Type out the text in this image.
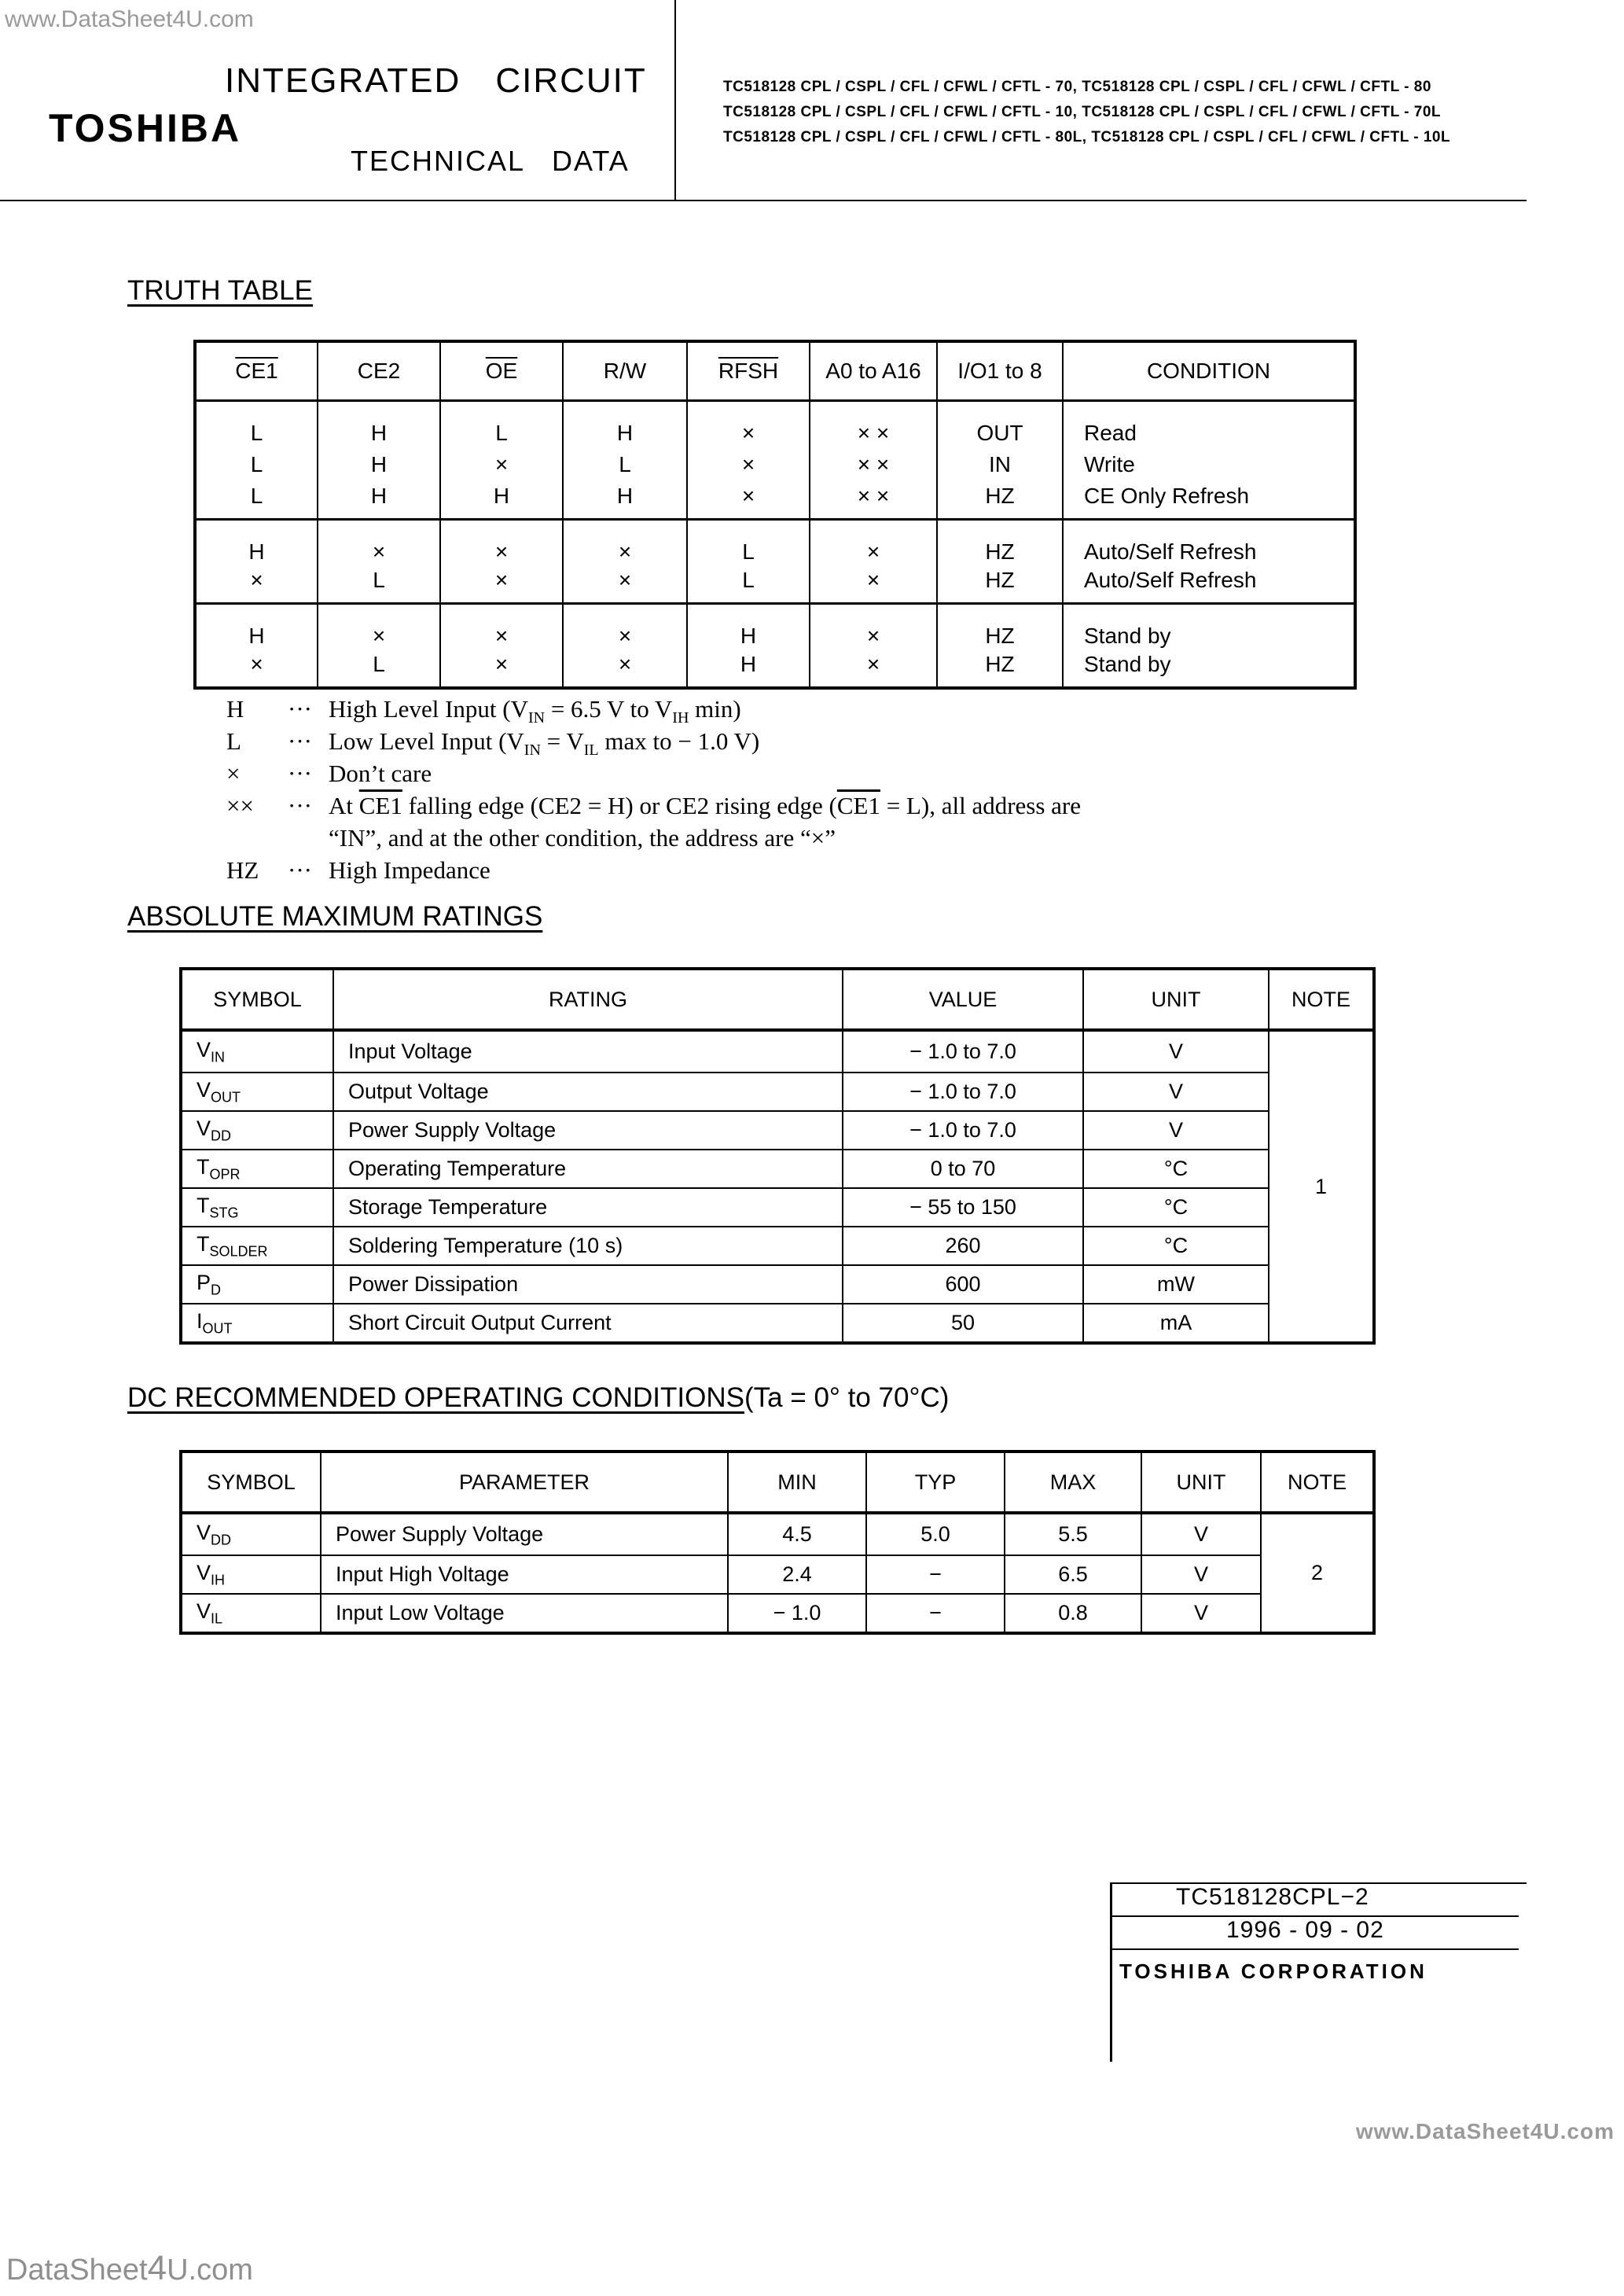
www.DataSheet4U.com
www.DataSheet4U.com
DataSheet4U.com
INTEGRATED CIRCUIT
TOSHIBA
TECHNICAL DATA
TC518128 CPL / CSPL / CFL / CFWL / CFTL - 70, TC518128 CPL / CSPL / CFL / CFWL / CFTL - 80
TC518128 CPL / CSPL / CFL / CFWL / CFTL - 10, TC518128 CPL / CSPL / CFL / CFWL / CFTL - 70L
TC518128 CPL / CSPL / CFL / CFWL / CFTL - 80L, TC518128 CPL / CSPL / CFL / CFWL / CFTL - 10L
TRUTH TABLE
CE1	CE2	$\overline{OE}$	R/W	RFSH	A0 to A16	I/O1 to 8	CONDITION
L	H	L	H	×	× ×	OUT	Read
L	H	×	L	×	× ×	IN	Write
L	H	H	H	×	× ×	HZ	CE Only Refresh
H	×	×	×	L	×	HZ	Auto/Self Refresh
×	L	×	×	L	×	HZ	Auto/Self Refresh
H	×	×	×	H	×	HZ	Stand by
×	L	×	×	H	×	HZ	Stand by
H	··· High Level Input ($V_{IN} = 6.5$ V to $V_{IH}$ min)
L	··· Low Level Input ($V_{IN} = V_{IL}$ max to − 1.0 V)
×	··· Don’t care
××	··· At CE1 falling edge (CE2 = H) or CE2 rising edge (CE1 = L), all address are
“IN”, and at the other condition, the address are “×”
HZ	··· High Impedance
ABSOLUTE MAXIMUM RATINGS
SYMBOL	RATING	VALUE	UNIT	NOTE
$V_{IN}$	Input Voltage	− 1.0 to 7.0	V	1
$V_{OUT}$	Output Voltage	− 1.0 to 7.0	V	
$V_{DD}$	Power Supply Voltage	− 1.0 to 7.0	V	
$T_{OPR}$	Operating Temperature	0 to 70	°C	
$T_{STG}$	Storage Temperature	− 55 to 150	°C	
$T_{SOLDER}$	Soldering Temperature (10 s)	260	°C	
$P_D$	Power Dissipation	600	mW	
$I_{OUT}$	Short Circuit Output Current	50	mA	
DC RECOMMENDED OPERATING CONDITIONS(Ta = 0° to 70°C)
SYMBOL	PARAMETER	MIN	TYP	MAX	UNIT	NOTE
$V_{DD}$	Power Supply Voltage	4.5	5.0	5.5	V	2
$V_{IH}$	Input High Voltage	2.4	−	6.5	V	
$V_{IL}$	Input Low Voltage	− 1.0	−	0.8	V	
TC518128CPL−2
1996 - 09 - 02
TOSHIBA CORPORATION
